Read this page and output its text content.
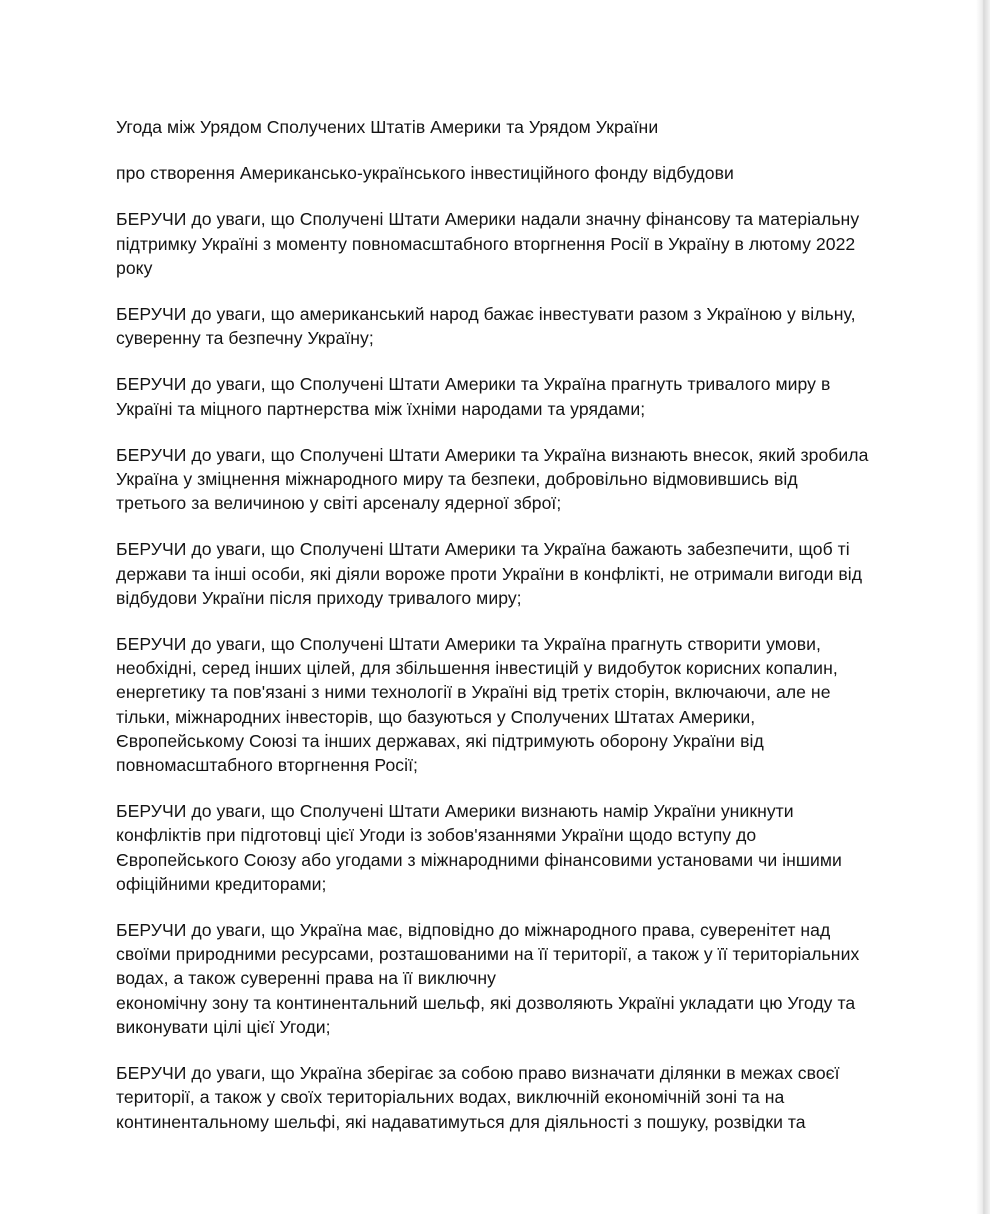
Угода між Урядом Сполучених Штатів Америки та Урядом України

про створення Американсько-українського інвестиційного фонду відбудови

БЕРУЧИ до уваги, що Сполучені Штати Америки надали значну фінансову та матеріальну
підтримку Україні з моменту повномасштабного вторгнення Росії в Україну в лютому 2022
року

БЕРУЧИ до уваги, що американський народ бажає інвестувати разом з Україною у вільну,
суверенну та безпечну Україну;

БЕРУЧИ до уваги, що Сполучені Штати Америки та Україна прагнуть тривалого миру в
Україні та міцного партнерства між їхніми народами та урядами;

БЕРУЧИ до уваги, що Сполучені Штати Америки та Україна визнають внесок, який зробила
Україна у зміцнення міжнародного миру та безпеки, добровільно відмовившись від
третього за величиною у світі арсеналу ядерної зброї;

БЕРУЧИ до уваги, що Сполучені Штати Америки та Україна бажають забезпечити, щоб ті
держави та інші особи, які діяли вороже проти України в конфлікті, не отримали вигоди від
відбудови України після приходу тривалого миру;

БЕРУЧИ до уваги, що Сполучені Штати Америки та Україна прагнуть створити умови,
необхідні, серед інших цілей, для збільшення інвестицій у видобуток корисних копалин,
енергетику та пов'язані з ними технології в Україні від третіх сторін, включаючи, але не
тільки, міжнародних інвесторів, що базуються у Сполучених Штатах Америки,
Європейському Союзі та інших державах, які підтримують оборону України від
повномасштабного вторгнення Росії;

БЕРУЧИ до уваги, що Сполучені Штати Америки визнають намір України уникнути
конфліктів при підготовці цієї Угоди із зобов'язаннями України щодо вступу до
Європейського Союзу або угодами з міжнародними фінансовими установами чи іншими
офіційними кредиторами;

БЕРУЧИ до уваги, що Україна має, відповідно до міжнародного права, суверенітет над
своїми природними ресурсами, розташованими на її території, а також у її територіальних
водах, а також суверенні права на її виключну
економічну зону та континентальний шельф, які дозволяють Україні укладати цю Угоду та
виконувати цілі цієї Угоди;

БЕРУЧИ до уваги, що Україна зберігає за собою право визначати ділянки в межах своєї
території, а також у своїх територіальних водах, виключній економічній зоні та на
континентальному шельфі, які надаватимуться для діяльності з пошуку, розвідки та
